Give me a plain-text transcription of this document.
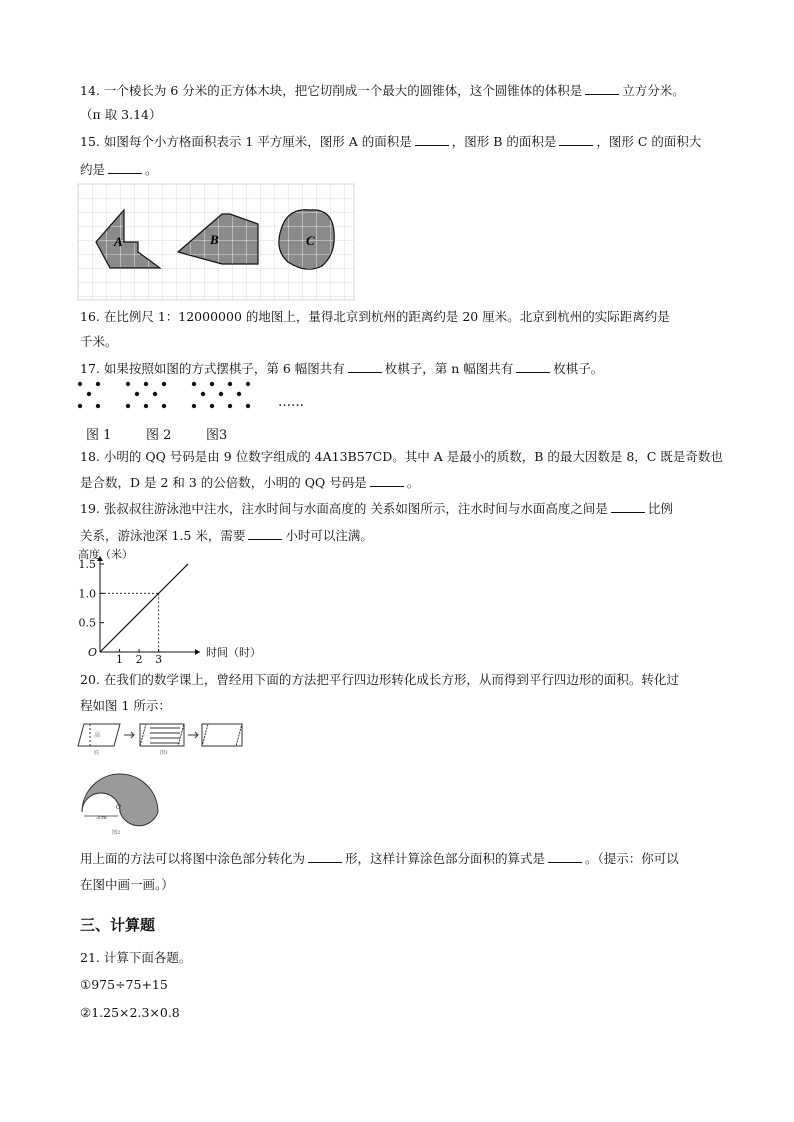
14. 一个棱长为 6 分米的正方体木块，把它切削成一个最大的圆锥体，这个圆锥体的体积是	立方分米。
（π 取 3.14）
15. 如图每个小方格面积表示 1 平方厘米，图形 A 的面积是	，图形 B 的面积是	，图形 C 的面积大
约是	。
A	B	C
16. 在比例尺 1：12000000 的地图上，量得北京到杭州的距离约是 20 厘米。北京到杭州的实际距离约是
千米。
17. 如果按照如图的方式摆棋子，第 6 幅图共有	枚棋子，第 n 幅图共有	枚棋子。
……
图 1	图 2	图3
18. 小明的 QQ 号码是由 9 位数字组成的 4A13B57CD。其中 A 是最小的质数，B 的最大因数是 8，C 既是奇数也
是合数，D 是 2 和 3 的公倍数，小明的 QQ 号码是	。
19. 张叔叔往游泳池中注水，注水时间与水面高度的 关系如图所示，注水时间与水面高度之间是	比例
关系，游泳池深 1.5 米，需要	小时可以注满。
0.5
1.0
1.5
1 2 3
O
高度（米）
时间（时）
20. 在我们的数学课上，曾经用下面的方法把平行四边形转化成长方形，从而得到平行四边形的面积。转化过
程如图 1 所示：
高
底	图1
3cm
O
图2
用上面的方法可以将图中涂色部分转化为	形，这样计算涂色部分面积的算式是	。（提示：你可以
在图中画一画。）
三、计算题
21. 计算下面各题。
①975÷75+15
②1.25×2.3×0.8
